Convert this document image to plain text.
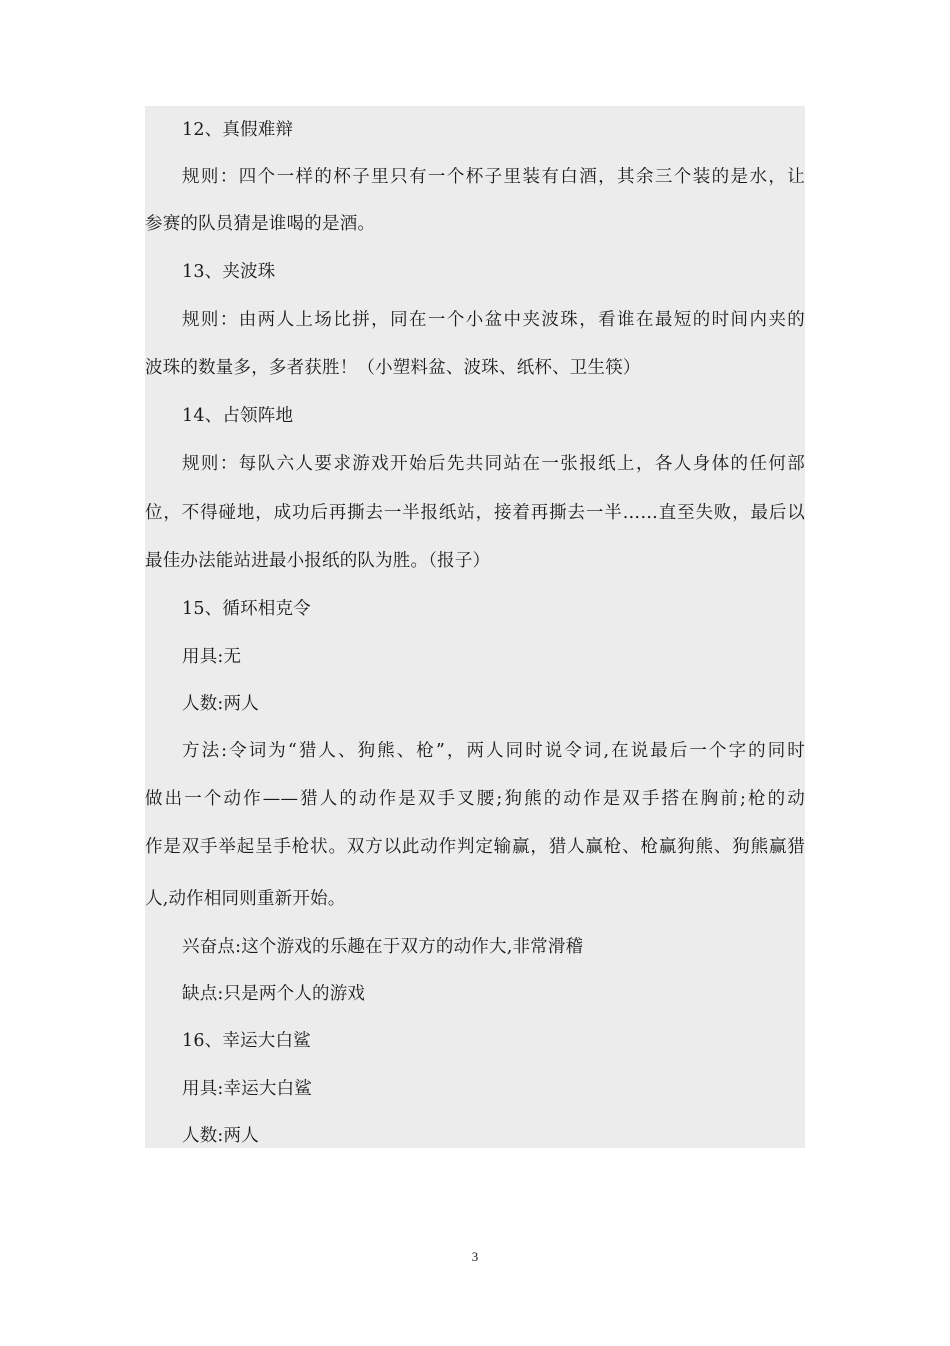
12、真假难辩
规则：四个一样的杯子里只有一个杯子里装有白酒，其余三个装的是水，让
参赛的队员猜是谁喝的是酒。
13、夹波珠
规则：由两人上场比拼，同在一个小盆中夹波珠，看谁在最短的时间内夹的
波珠的数量多，多者获胜！（小塑料盆、波珠、纸杯、卫生筷）
14、占领阵地
规则：每队六人要求游戏开始后先共同站在一张报纸上，各人身体的任何部
位，不得碰地，成功后再撕去一半报纸站，接着再撕去一半……直至失败，最后以
最佳办法能站进最小报纸的队为胜。（报子）
15、循环相克令
用具:无
人数:两人
方法:令词为“猎人、狗熊、枪”，两人同时说令词,在说最后一个字的同时
做出一个动作——猎人的动作是双手叉腰;狗熊的动作是双手搭在胸前;枪的动
作是双手举起呈手枪状。双方以此动作判定输赢，猎人赢枪、枪赢狗熊、狗熊赢猎
人,动作相同则重新开始。
兴奋点:这个游戏的乐趣在于双方的动作大,非常滑稽
缺点:只是两个人的游戏
16、幸运大白鲨
用具:幸运大白鲨
人数:两人
3
